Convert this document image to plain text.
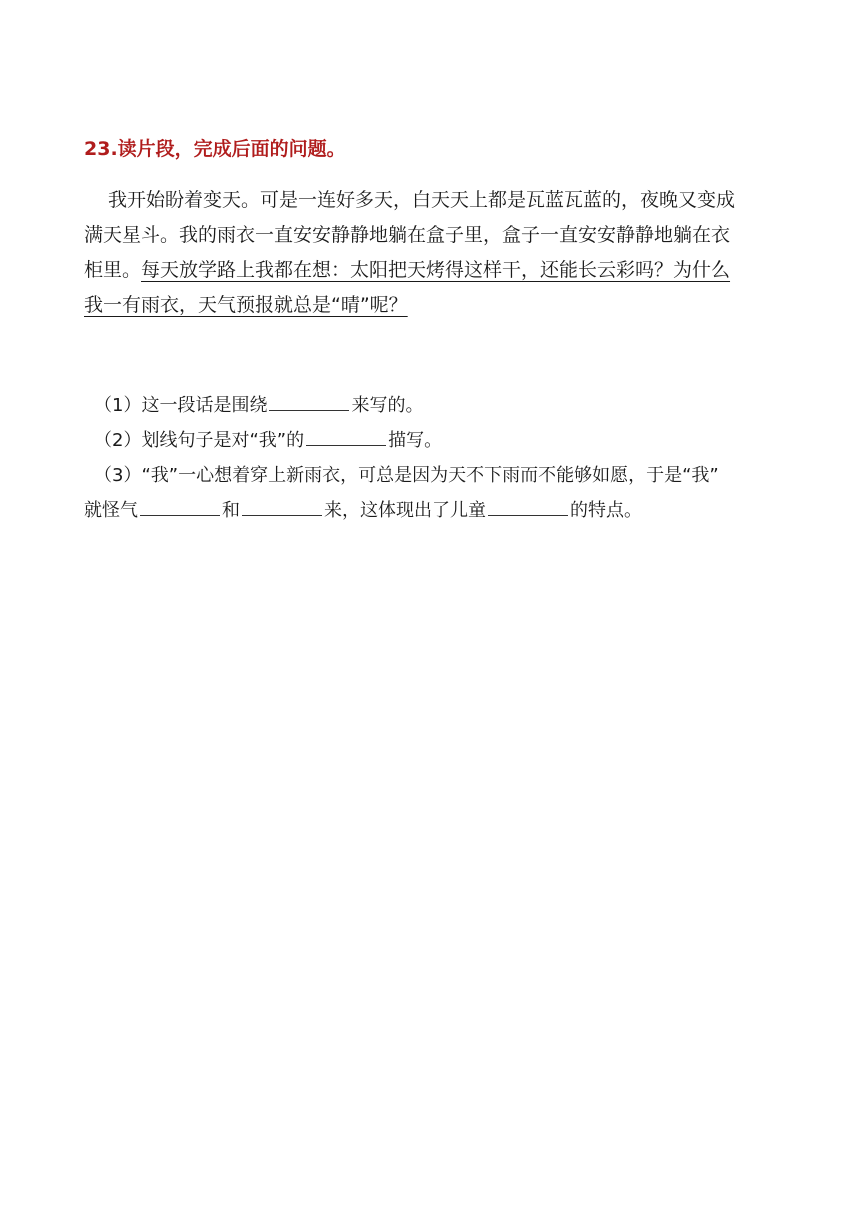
23.读片段，完成后面的问题。
我开始盼着变天。可是一连好多天，白天天上都是瓦蓝瓦蓝的，夜晚又变成
满天星斗。我的雨衣一直安安静静地躺在盒子里，盒子一直安安静静地躺在衣
柜里。每天放学路上我都在想：太阳把天烤得这样干，还能长云彩吗？为什么
我一有雨衣，天气预报就总是“晴”呢？
（1）这一段话是围绕	来写的。
（2）划线句子是对“我”的	描写。
（3）“我”一心想着穿上新雨衣，可总是因为天不下雨而不能够如愿，于是“我”
就怪气	和	来，这体现出了儿童	的特点。
